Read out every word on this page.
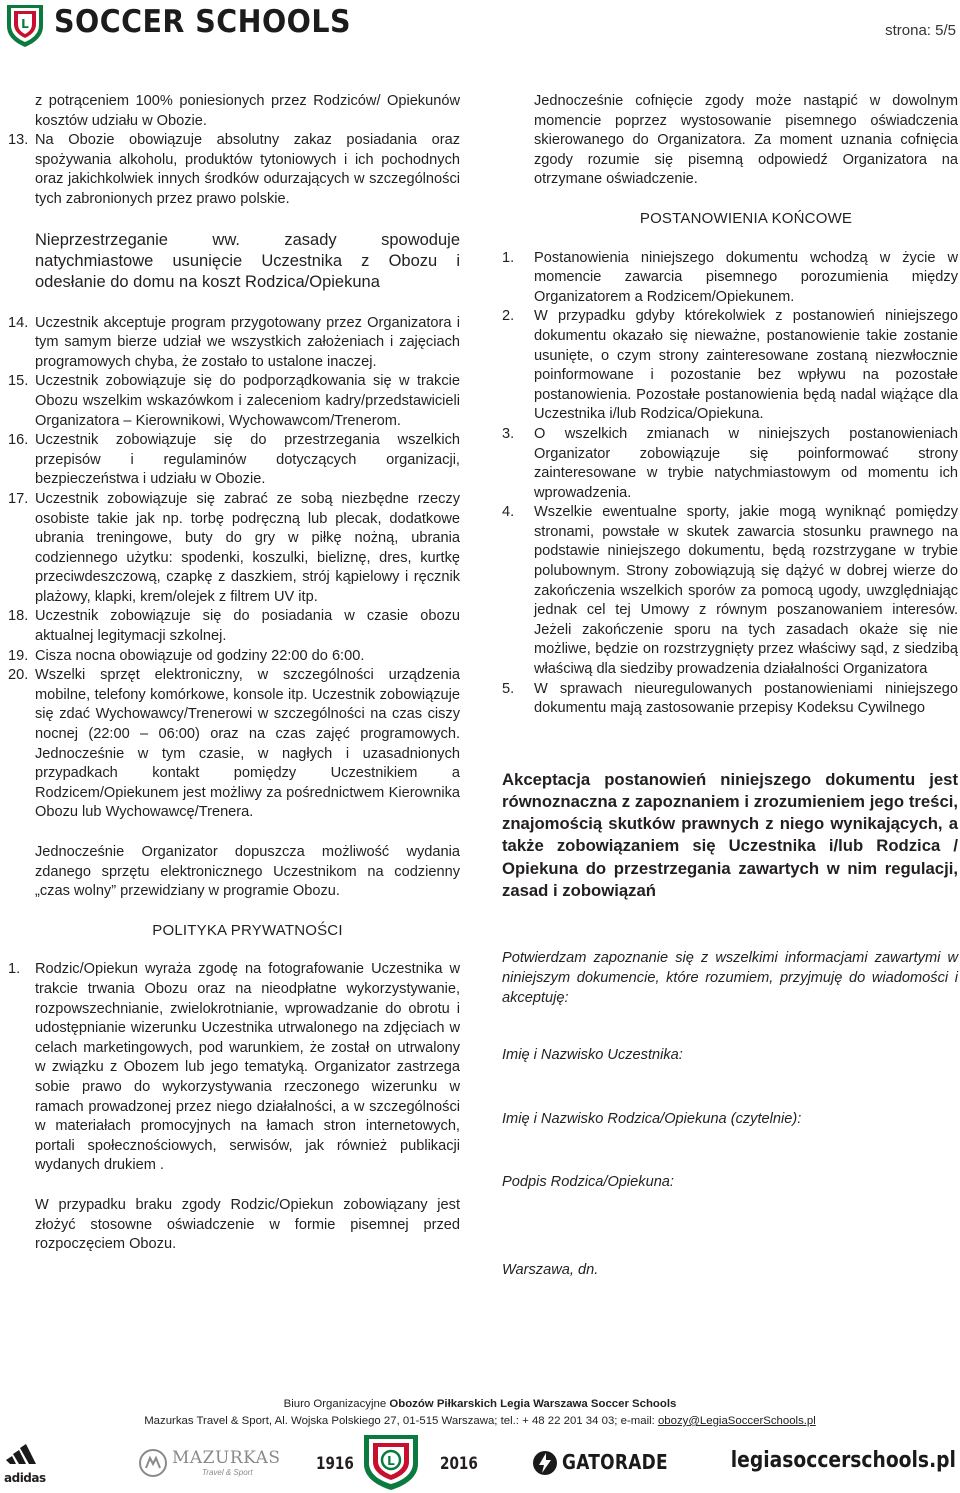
L SOCCER SCHOOLS	strona: 5/5
z potrąceniem 100% poniesionych przez Rodziców/ Opiekunów kosztów udziału w Obozie.
13. Na Obozie obowiązuje absolutny zakaz posiadania oraz spożywania alkoholu, produktów tytoniowych i ich pochodnych oraz jakichkolwiek innych środków odurzających w szczególności tych zabronionych przez prawo polskie.
Nieprzestrzeganie ww. zasady spowoduje natychmiastowe usunięcie Uczestnika z Obozu i odesłanie do domu na koszt Rodzica/Opiekuna
14. Uczestnik akceptuje program przygotowany przez Organizatora i tym samym bierze udział we wszystkich założeniach i zajęciach programowych chyba, że zostało to ustalone inaczej.
15. Uczestnik zobowiązuje się do podporządkowania się w trakcie Obozu wszelkim wskazówkom i zaleceniom kadry/przedstawicieli Organizatora – Kierownikowi, Wychowawcom/Trenerom.
16. Uczestnik zobowiązuje się do przestrzegania wszelkich przepisów i regulaminów dotyczących organizacji, bezpieczeństwa i udziału w Obozie.
17. Uczestnik zobowiązuje się zabrać ze sobą niezbędne rzeczy osobiste takie jak np. torbę podręczną lub plecak, dodatkowe ubrania treningowe, buty do gry w piłkę nożną, ubrania codziennego użytku: spodenki, koszulki, bieliznę, dres, kurtkę przeciwdeszczową, czapkę z daszkiem, strój kąpielowy i ręcznik plażowy, klapki, krem/olejek z filtrem UV itp.
18. Uczestnik zobowiązuje się do posiadania w czasie obozu aktualnej legitymacji szkolnej.
19. Cisza nocna obowiązuje od godziny 22:00 do 6:00.
20. Wszelki sprzęt elektroniczny, w szczególności urządzenia mobilne, telefony komórkowe, konsole itp. Uczestnik zobowiązuje się zdać Wychowawcy/Trenerowi w szczególności na czas ciszy nocnej (22:00 – 06:00) oraz na czas zajęć programowych. Jednocześnie w tym czasie, w nagłych i uzasadnionych przypadkach kontakt pomiędzy Uczestnikiem a Rodzicem/Opiekunem jest możliwy za pośrednictwem Kierownika Obozu lub Wychowawcę/Trenera.
Jednocześnie Organizator dopuszcza możliwość wydania zdanego sprzętu elektronicznego Uczestnikom na codzienny „czas wolny” przewidziany w programie Obozu.
POLITYKA PRYWATNOŚCI
1.	Rodzic/Opiekun wyraża zgodę na fotografowanie Uczestnika w trakcie trwania Obozu oraz na nieodpłatne wykorzystywanie, rozpowszechnianie, zwielokrotnianie, wprowadzanie do obrotu i udostępnianie wizerunku Uczestnika utrwalonego na zdjęciach w celach marketingowych, pod warunkiem, że został on utrwalony w związku z Obozem lub jego tematyką. Organizator zastrzega sobie prawo do wykorzystywania rzeczonego wizerunku w ramach prowadzonej przez niego działalności, a w szczególności w materiałach promocyjnych na łamach stron internetowych, portali społecznościowych, serwisów, jak również publikacji wydanych drukiem .
W przypadku braku zgody Rodzic/Opiekun zobowiązany jest złożyć stosowne oświadczenie w formie pisemnej przed rozpoczęciem Obozu.
Jednocześnie cofnięcie zgody może nastąpić w dowolnym momencie poprzez wystosowanie pisemnego oświadczenia skierowanego do Organizatora. Za moment uznania cofnięcia zgody rozumie się pisemną odpowiedź Organizatora na otrzymane oświadczenie.
POSTANOWIENIA KOŃCOWE
1.	Postanowienia niniejszego dokumentu wchodzą w życie w momencie zawarcia pisemnego porozumienia między Organizatorem a Rodzicem/Opiekunem.
2.	W przypadku gdyby którekolwiek z postanowień niniejszego dokumentu okazało się nieważne, postanowienie takie zostanie usunięte, o czym strony zainteresowane zostaną niezwłocznie poinformowane i pozostanie bez wpływu na pozostałe postanowienia. Pozostałe postanowienia będą nadal wiążące dla Uczestnika i/lub Rodzica/Opiekuna.
3.	O wszelkich zmianach w niniejszych postanowieniach Organizator zobowiązuje się poinformować strony zainteresowane w trybie natychmiastowym od momentu ich wprowadzenia.
4.	Wszelkie ewentualne sporty, jakie mogą wyniknąć pomiędzy stronami, powstałe w skutek zawarcia stosunku prawnego na podstawie niniejszego dokumentu, będą rozstrzygane w trybie polubownym. Strony zobowiązują się dążyć w dobrej wierze do zakończenia wszelkich sporów za pomocą ugody, uwzględniając jednak cel tej Umowy z równym poszanowaniem interesów. Jeżeli zakończenie sporu na tych zasadach okaże się nie możliwe, będzie on rozstrzygnięty przez właściwy sąd, z siedzibą właściwą dla siedziby prowadzenia działalności Organizatora
5.	W sprawach nieuregulowanych postanowieniami niniejszego dokumentu mają zastosowanie przepisy Kodeksu Cywilnego
Akceptacja postanowień niniejszego dokumentu jest równoznaczna z zapoznaniem i zrozumieniem jego treści, znajomością skutków prawnych z niego wynikających, a także zobowiązaniem się Uczestnika i/lub Rodzica / Opiekuna do przestrzegania zawartych w nim regulacji, zasad i zobowiązań
Potwierdzam zapoznanie się z wszelkimi informacjami zawartymi w niniejszym dokumencie, które rozumiem, przyjmuję do wiadomości i akceptuję:
Imię i Nazwisko Uczestnika:
Imię i Nazwisko Rodzica/Opiekuna (czytelnie):
Podpis Rodzica/Opiekuna:
Warszawa, dn.
Biuro Organizacyjne Obozów Piłkarskich Legia Warszawa Soccer Schools
Mazurkas Travel & Sport, Al. Wojska Polskiego 27, 01-515 Warszawa; tel.: + 48 22 201 34 03; e-mail: obozy@LegiaSoccerSchools.pl
adidas
MAZURKAS
Travel & Sport	1916	L	2016	GATORADE	legiasoccerschools.pl
